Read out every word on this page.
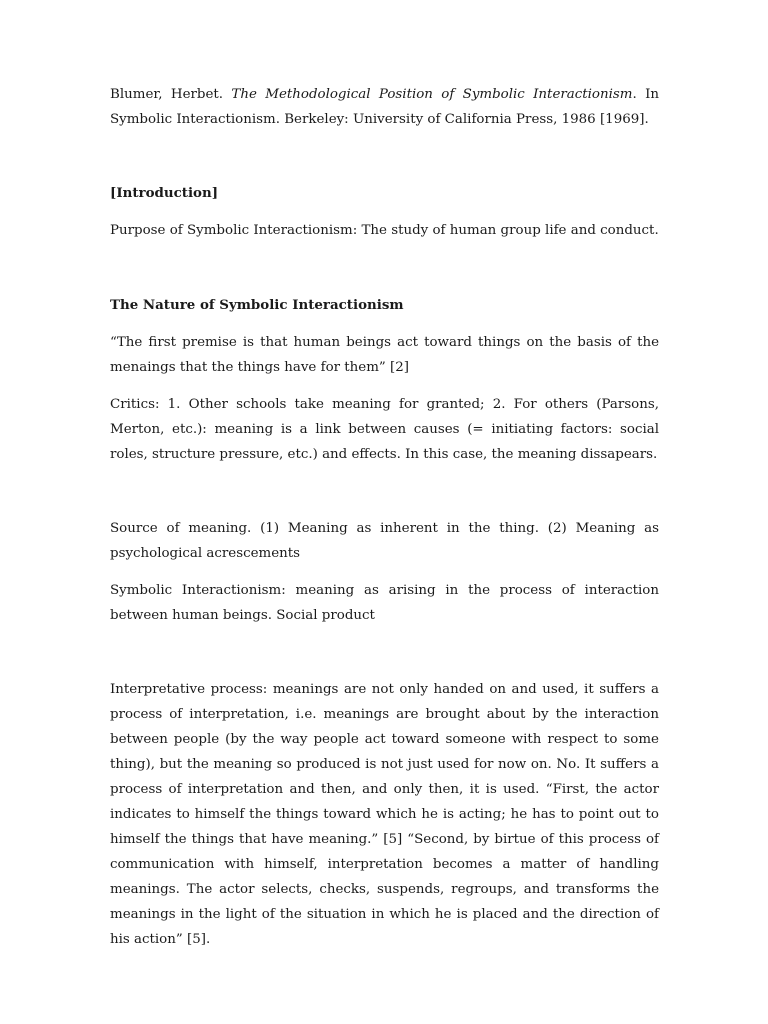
Blumer, Herbet. The Methodological Position of Symbolic Interactionism. In Symbolic Interactionism. Berkeley: University of California Press, 1986 [1969].

[Introduction]

Purpose of Symbolic Interactionism: The study of human group life and conduct.

The Nature of Symbolic Interactionism

“The first premise is that human beings act toward things on the basis of the menaings that the things have for them” [2]

Critics: 1. Other schools take meaning for granted; 2. For others (Parsons, Merton, etc.): meaning is a link between causes (= initiating factors: social roles, structure pressure, etc.) and effects. In this case, the meaning dissapears.

Source of meaning. (1) Meaning as inherent in the thing. (2) Meaning as psychological acrescements

Symbolic Interactionism: meaning as arising in the process of interaction between human beings. Social product

Interpretative process: meanings are not only handed on and used, it suffers a process of interpretation, i.e. meanings are brought about by the interaction between people (by the way people act toward someone with respect to some thing), but the meaning so produced is not just used for now on. No. It suffers a process of interpretation and then, and only then, it is used. “First, the actor indicates to himself the things toward which he is acting; he has to point out to himself the things that have meaning.” [5] “Second, by birtue of this process of communication with himself, interpretation becomes a matter of handling meanings. The actor selects, checks, suspends, regroups, and transforms the meanings in the light of the situation in which he is placed and the direction of his action” [5].
